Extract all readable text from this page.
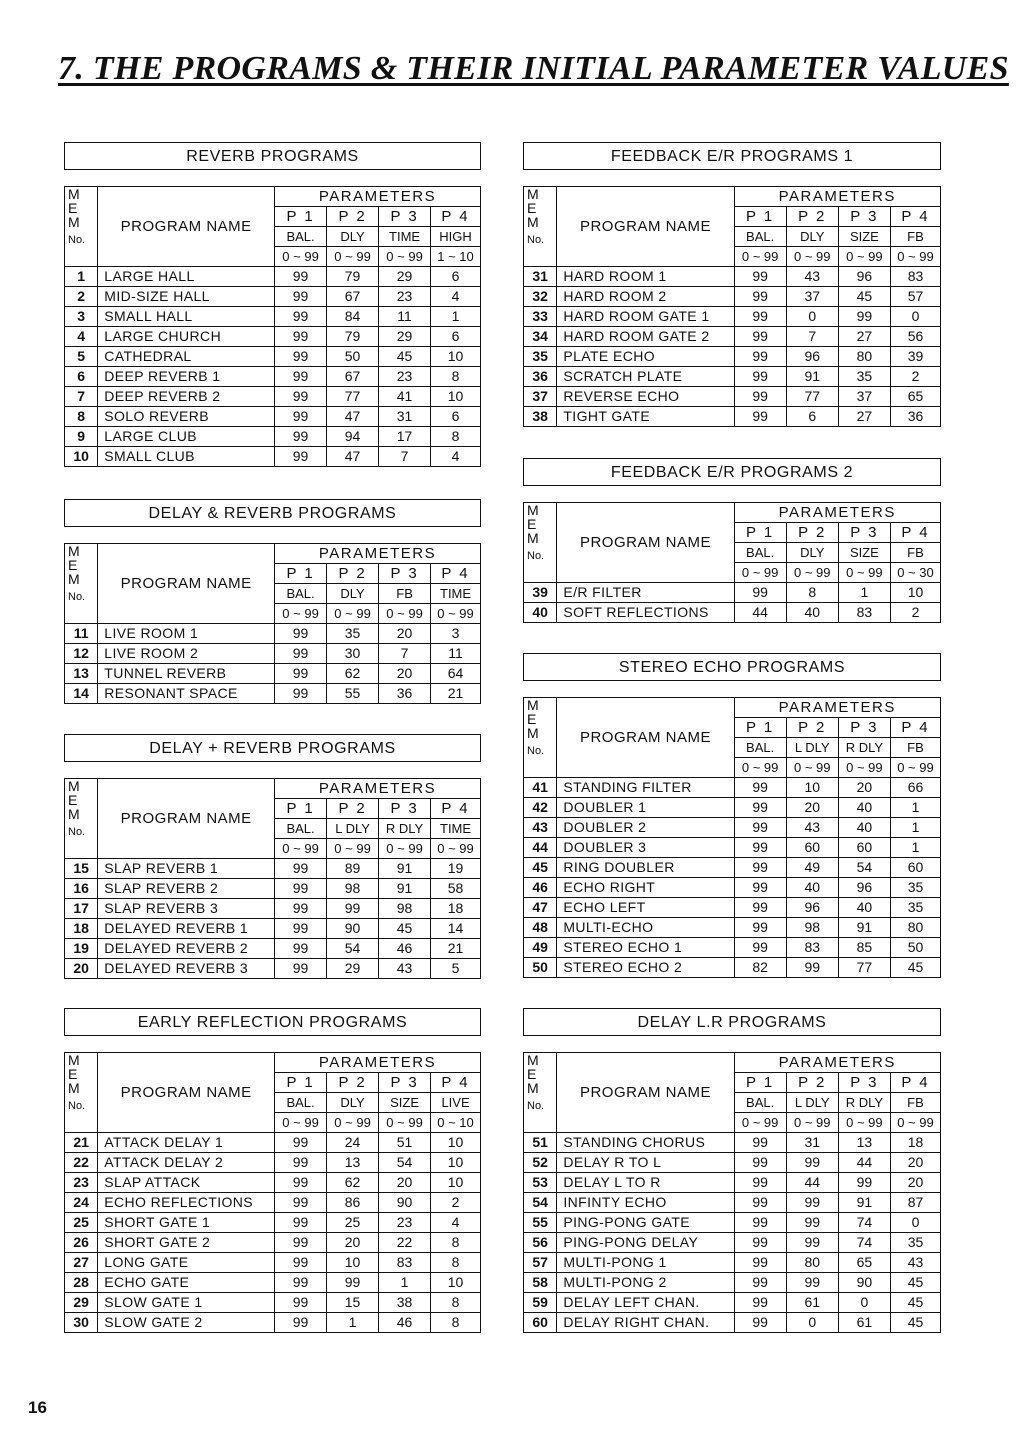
7. THE PROGRAMS & THEIR INITIAL PARAMETER VALUES
REVERB PROGRAMS
M
E
M
No.	PROGRAM NAME	PARAMETERS			
		P 1	P 2	P 3	P 4
		BAL.	DLY	TIME	HIGH
		0 ~ 99	0 ~ 99	0 ~ 99	1 ~ 10
1	LARGE HALL	99	79	29	6
2	MID-SIZE HALL	99	67	23	4
3	SMALL HALL	99	84	11	1
4	LARGE CHURCH	99	79	29	6
5	CATHEDRAL	99	50	45	10
6	DEEP REVERB 1	99	67	23	8
7	DEEP REVERB 2	99	77	41	10
8	SOLO REVERB	99	47	31	6
9	LARGE CLUB	99	94	17	8
10	SMALL CLUB	99	47	7	4
DELAY & REVERB PROGRAMS
M
E
M
No.	PROGRAM NAME	PARAMETERS			
		P 1	P 2	P 3	P 4
		BAL.	DLY	FB	TIME
		0 ~ 99	0 ~ 99	0 ~ 99	0 ~ 99
11	LIVE ROOM 1	99	35	20	3
12	LIVE ROOM 2	99	30	7	11
13	TUNNEL REVERB	99	62	20	64
14	RESONANT SPACE	99	55	36	21
DELAY + REVERB PROGRAMS
M
E
M
No.	PROGRAM NAME	PARAMETERS			
		P 1	P 2	P 3	P 4
		BAL.	L DLY	R DLY	TIME
		0 ~ 99	0 ~ 99	0 ~ 99	0 ~ 99
15	SLAP REVERB 1	99	89	91	19
16	SLAP REVERB 2	99	98	91	58
17	SLAP REVERB 3	99	99	98	18
18	DELAYED REVERB 1	99	90	45	14
19	DELAYED REVERB 2	99	54	46	21
20	DELAYED REVERB 3	99	29	43	5
EARLY REFLECTION PROGRAMS
M
E
M
No.	PROGRAM NAME	PARAMETERS			
		P 1	P 2	P 3	P 4
		BAL.	DLY	SIZE	LIVE
		0 ~ 99	0 ~ 99	0 ~ 99	0 ~ 10
21	ATTACK DELAY 1	99	24	51	10
22	ATTACK DELAY 2	99	13	54	10
23	SLAP ATTACK	99	62	20	10
24	ECHO REFLECTIONS	99	86	90	2
25	SHORT GATE 1	99	25	23	4
26	SHORT GATE 2	99	20	22	8
27	LONG GATE	99	10	83	8
28	ECHO GATE	99	99	1	10
29	SLOW GATE 1	99	15	38	8
30	SLOW GATE 2	99	1	46	8
FEEDBACK E/R PROGRAMS 1
M
E
M
No.	PROGRAM NAME	PARAMETERS			
		P 1	P 2	P 3	P 4
		BAL.	DLY	SIZE	FB
		0 ~ 99	0 ~ 99	0 ~ 99	0 ~ 99
31	HARD ROOM 1	99	43	96	83
32	HARD ROOM 2	99	37	45	57
33	HARD ROOM GATE 1	99	0	99	0
34	HARD ROOM GATE 2	99	7	27	56
35	PLATE ECHO	99	96	80	39
36	SCRATCH PLATE	99	91	35	2
37	REVERSE ECHO	99	77	37	65
38	TIGHT GATE	99	6	27	36
FEEDBACK E/R PROGRAMS 2
M
E
M
No.	PROGRAM NAME	PARAMETERS			
		P 1	P 2	P 3	P 4
		BAL.	DLY	SIZE	FB
		0 ~ 99	0 ~ 99	0 ~ 99	0 ~ 30
39	E/R FILTER	99	8	1	10
40	SOFT REFLECTIONS	44	40	83	2
STEREO ECHO PROGRAMS
M
E
M
No.	PROGRAM NAME	PARAMETERS			
		P 1	P 2	P 3	P 4
		BAL.	L DLY	R DLY	FB
		0 ~ 99	0 ~ 99	0 ~ 99	0 ~ 99
41	STANDING FILTER	99	10	20	66
42	DOUBLER 1	99	20	40	1
43	DOUBLER 2	99	43	40	1
44	DOUBLER 3	99	60	60	1
45	RING DOUBLER	99	49	54	60
46	ECHO RIGHT	99	40	96	35
47	ECHO LEFT	99	96	40	35
48	MULTI-ECHO	99	98	91	80
49	STEREO ECHO 1	99	83	85	50
50	STEREO ECHO 2	82	99	77	45
DELAY L.R PROGRAMS
M
E
M
No.	PROGRAM NAME	PARAMETERS			
		P 1	P 2	P 3	P 4
		BAL.	L DLY	R DLY	FB
		0 ~ 99	0 ~ 99	0 ~ 99	0 ~ 99
51	STANDING CHORUS	99	31	13	18
52	DELAY R TO L	99	99	44	20
53	DELAY L TO R	99	44	99	20
54	INFINTY ECHO	99	99	91	87
55	PING-PONG GATE	99	99	74	0
56	PING-PONG DELAY	99	99	74	35
57	MULTI-PONG 1	99	80	65	43
58	MULTI-PONG 2	99	99	90	45
59	DELAY LEFT CHAN.	99	61	0	45
60	DELAY RIGHT CHAN.	99	0	61	45
16
